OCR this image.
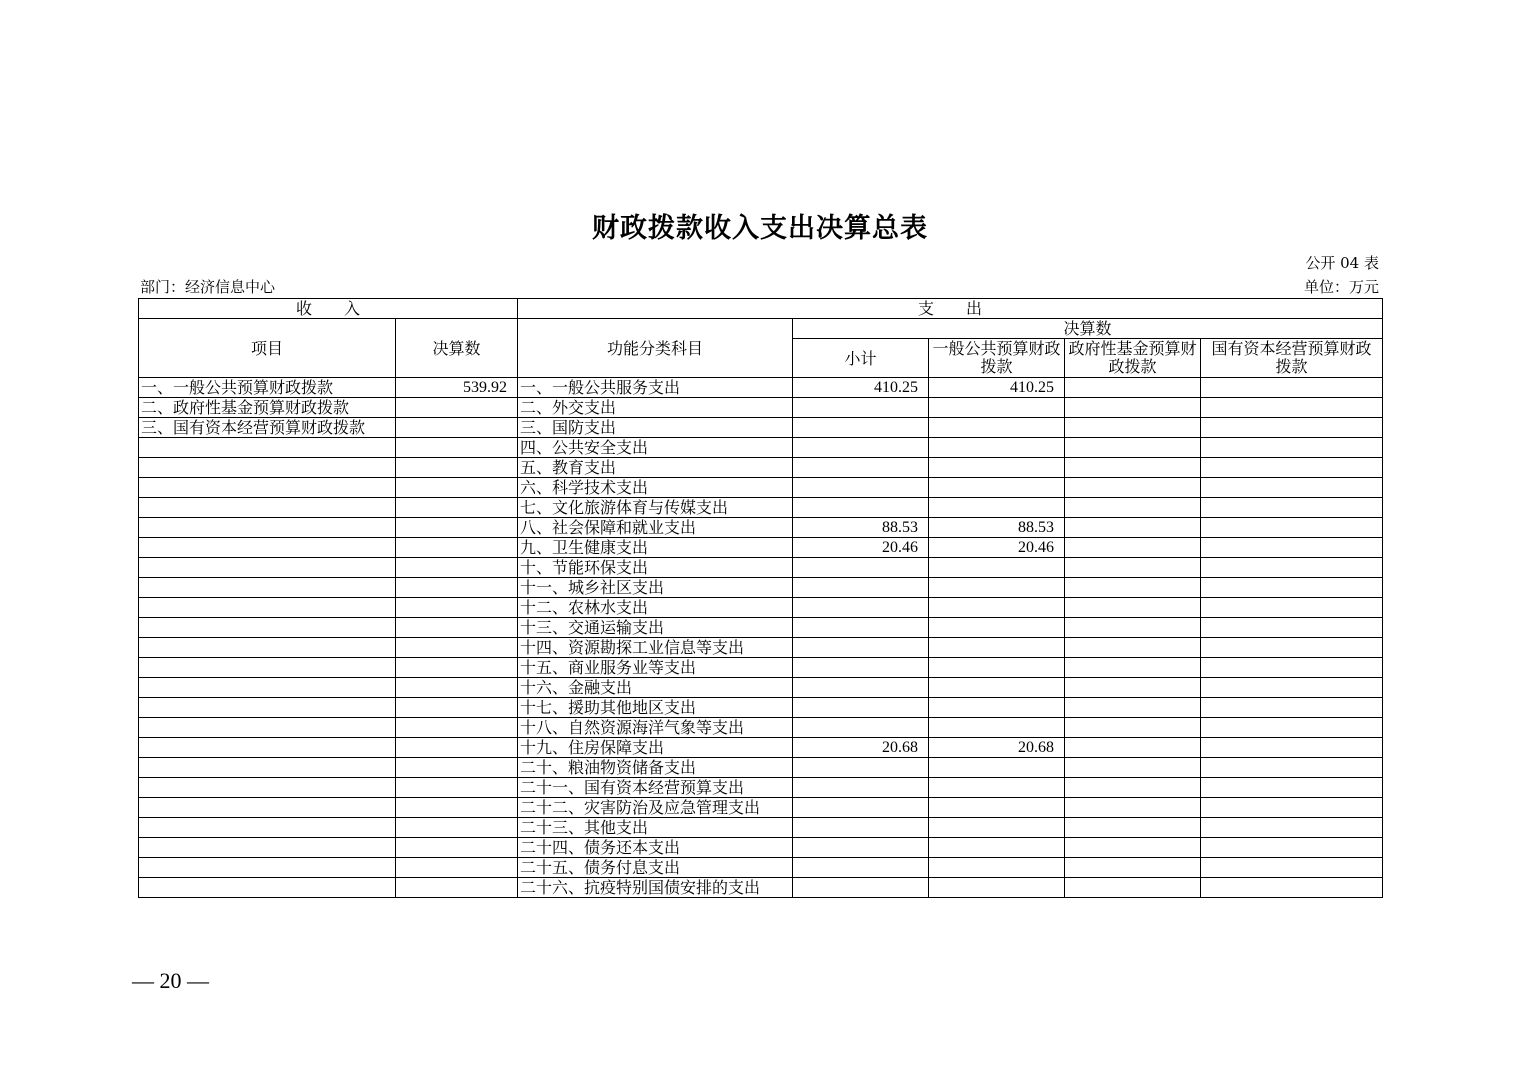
财政拨款收入支出决算总表
公开 04 表
部门：经济信息中心	单位：万元
收　　入		支　　出				
项目	决算数	功能分类科目	决算数			
			小计	一般公共预算财政拨款	政府性基金预算财政拨款	国有资本经营预算财政拨款
一、一般公共预算财政拨款	539.92	一、一般公共服务支出	410.25	410.25		
二、政府性基金预算财政拨款		二、外交支出				
三、国有资本经营预算财政拨款		三、国防支出				
		四、公共安全支出				
		五、教育支出				
		六、科学技术支出				
		七、文化旅游体育与传媒支出				
		八、社会保障和就业支出	88.53	88.53		
		九、卫生健康支出	20.46	20.46		
		十、节能环保支出				
		十一、城乡社区支出				
		十二、农林水支出				
		十三、交通运输支出				
		十四、资源勘探工业信息等支出				
		十五、商业服务业等支出				
		十六、金融支出				
		十七、援助其他地区支出				
		十八、自然资源海洋气象等支出				
		十九、住房保障支出	20.68	20.68		
		二十、粮油物资储备支出				
		二十一、国有资本经营预算支出				
		二十二、灾害防治及应急管理支出				
		二十三、其他支出				
		二十四、债务还本支出				
		二十五、债务付息支出				
		二十六、抗疫特别国债安排的支出				
— 20 —
